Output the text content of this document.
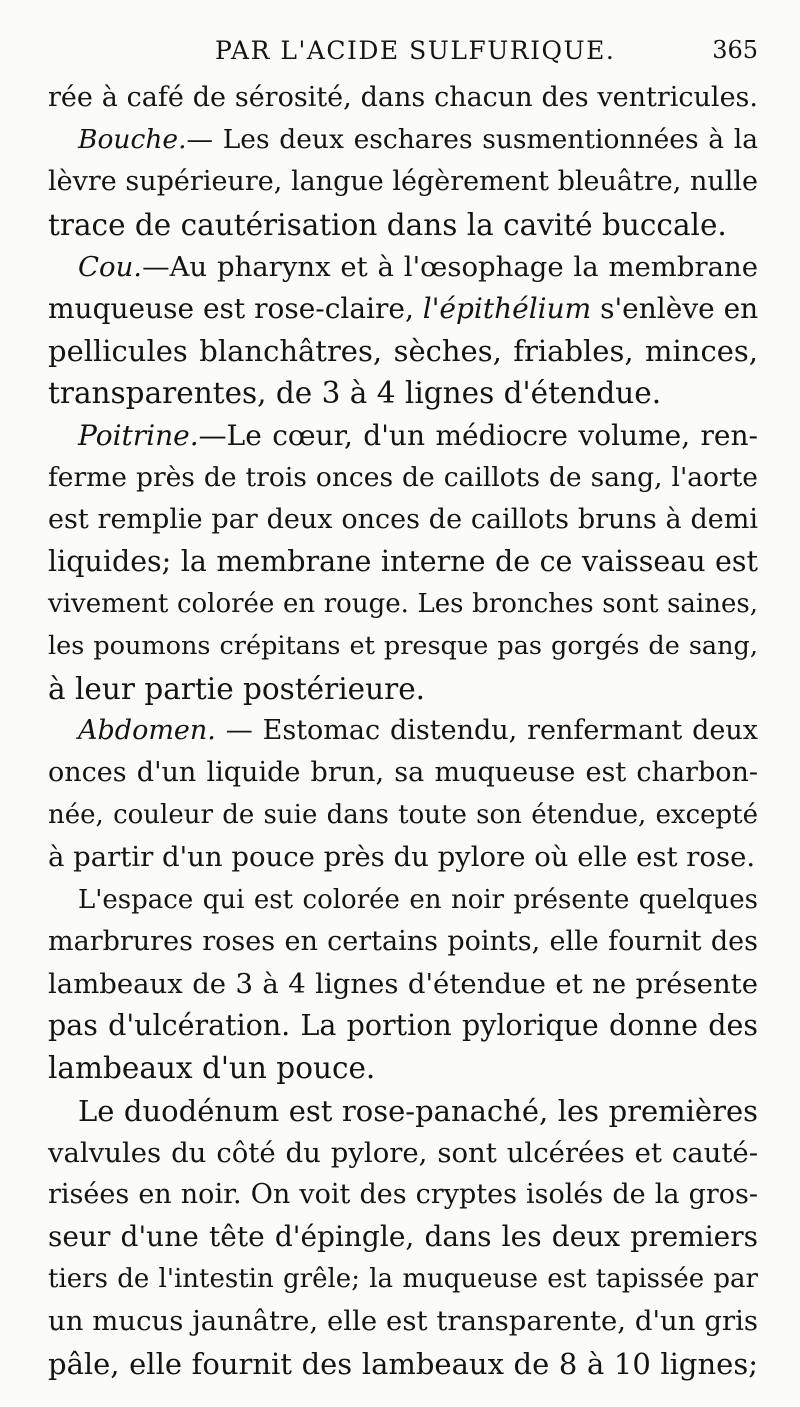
PAR L'ACIDE SULFURIQUE.	365
rée à café de sérosité, dans chacun des ventricules.
Bouche.— Les deux eschares susmentionnées à la
lèvre supérieure, langue légèrement bleuâtre, nulle
trace de cautérisation dans la cavité buccale.
Cou.—Au pharynx et à l'œsophage la membrane
muqueuse est rose-claire, l'épithélium s'enlève en
pellicules blanchâtres, sèches, friables, minces,
transparentes, de 3 à 4 lignes d'étendue.
Poitrine.—Le cœur, d'un médiocre volume, ren-
ferme près de trois onces de caillots de sang, l'aorte
est remplie par deux onces de caillots bruns à demi
liquides; la membrane interne de ce vaisseau est
vivement colorée en rouge. Les bronches sont saines,
les poumons crépitans et presque pas gorgés de sang,
à leur partie postérieure.
Abdomen. — Estomac distendu, renfermant deux
onces d'un liquide brun, sa muqueuse est charbon-
née, couleur de suie dans toute son étendue, excepté
à partir d'un pouce près du pylore où elle est rose.
L'espace qui est colorée en noir présente quelques
marbrures roses en certains points, elle fournit des
lambeaux de 3 à 4 lignes d'étendue et ne présente
pas d'ulcération. La portion pylorique donne des
lambeaux d'un pouce.
Le duodénum est rose-panaché, les premières
valvules du côté du pylore, sont ulcérées et cauté-
risées en noir. On voit des cryptes isolés de la gros-
seur d'une tête d'épingle, dans les deux premiers
tiers de l'intestin grêle; la muqueuse est tapissée par
un mucus jaunâtre, elle est transparente, d'un gris
pâle, elle fournit des lambeaux de 8 à 10 lignes;
